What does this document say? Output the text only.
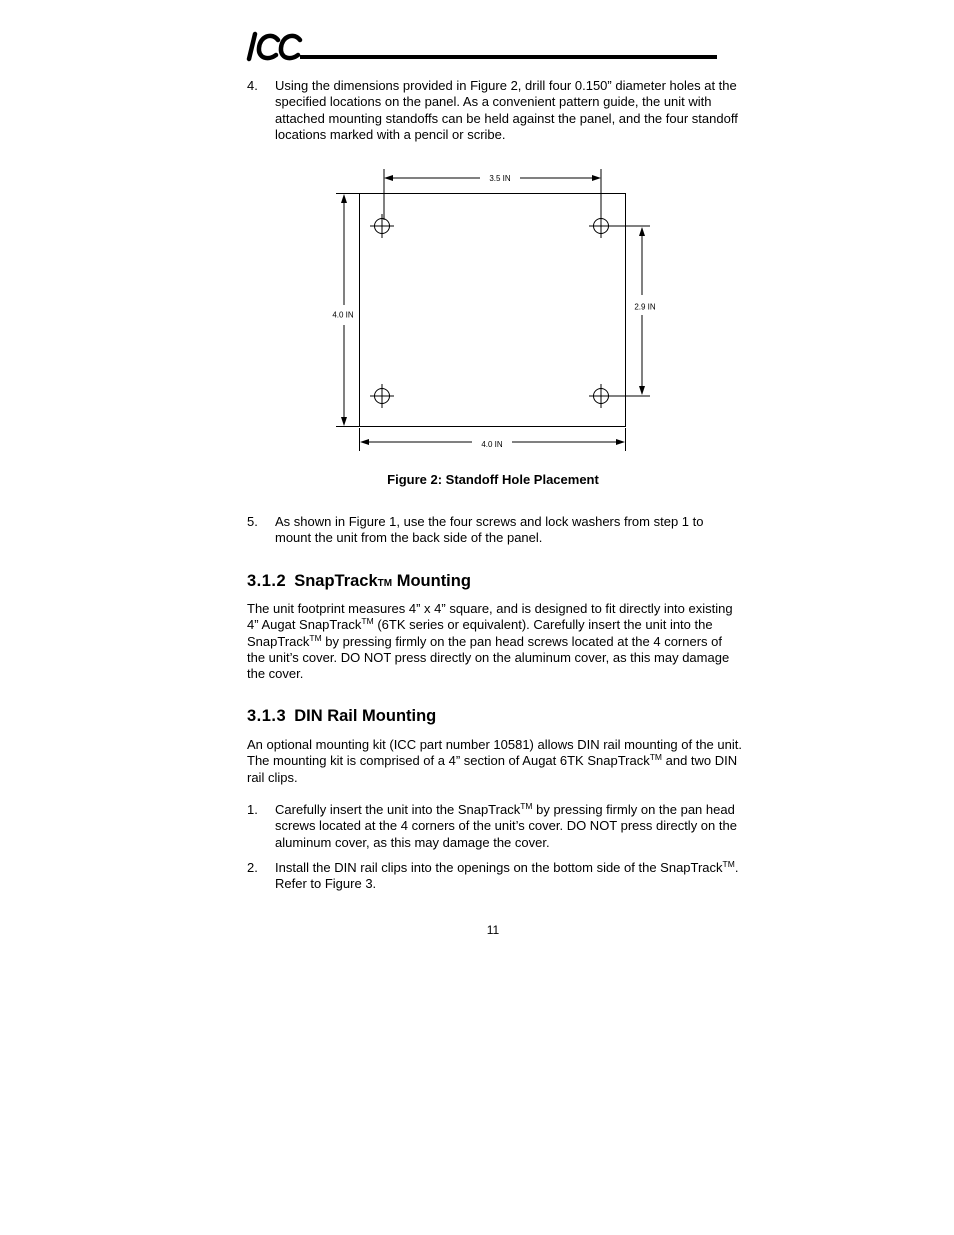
4. Using the dimensions provided in Figure 2, drill four 0.150” diameter holes at the specified locations on the panel. As a convenient pattern guide, the unit with attached mounting standoffs can be held against the panel, and the four standoff locations marked with a pencil or scribe.
3.5 IN
4.0 IN
2.9 IN
4.0 IN
Figure 2: Standoff Hole Placement
5. As shown in Figure 1, use the four screws and lock washers from step 1 to mount the unit from the back side of the panel.
3.1.2 SnapTrackTM Mounting
The unit footprint measures 4” x 4” square, and is designed to fit directly into existing 4” Augat SnapTrack™ (6TK series or equivalent). Carefully insert the unit into the SnapTrack™ by pressing firmly on the pan head screws located at the 4 corners of the unit’s cover. DO NOT press directly on the aluminum cover, as this may damage the cover.
3.1.3 DIN Rail Mounting
An optional mounting kit (ICC part number 10581) allows DIN rail mounting of the unit. The mounting kit is comprised of a 4” section of Augat 6TK SnapTrack™ and two DIN rail clips.
1. Carefully insert the unit into the SnapTrack™ by pressing firmly on the pan head screws located at the 4 corners of the unit’s cover. DO NOT press directly on the aluminum cover, as this may damage the cover.
2. Install the DIN rail clips into the openings on the bottom side of the SnapTrack™. Refer to Figure 3.
11
